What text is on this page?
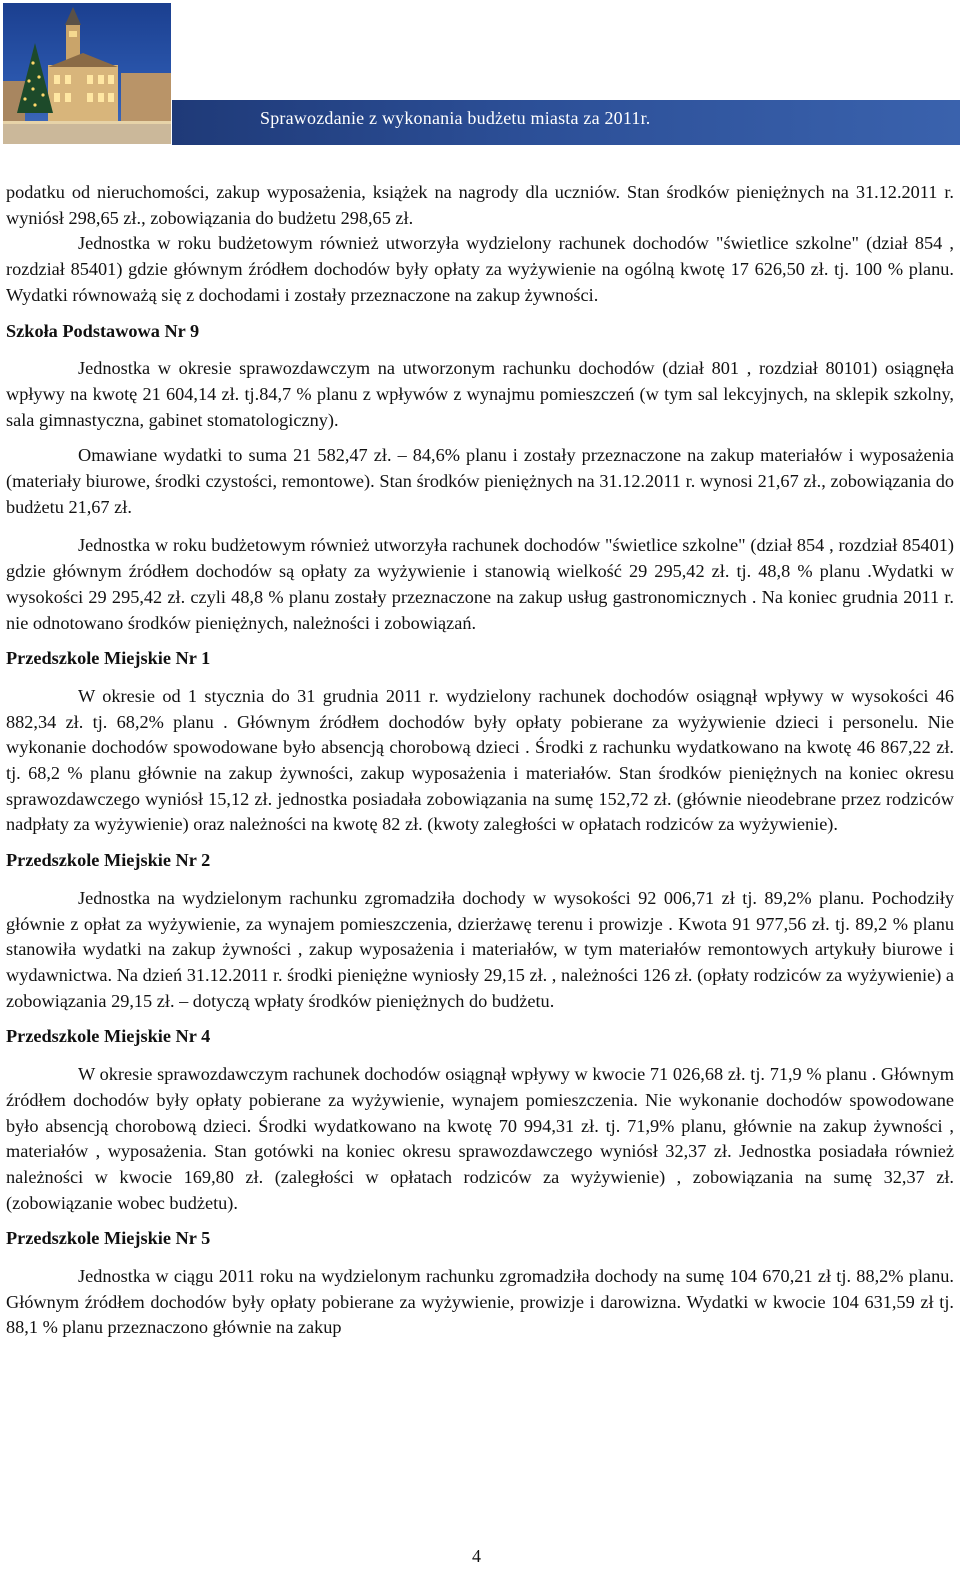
Sprawozdanie z wykonania budżetu miasta za 2011r.

podatku od nieruchomości, zakup wyposażenia, książek na nagrody dla uczniów. Stan środków pieniężnych na 31.12.2011 r. wyniósł 298,65 zł., zobowiązania do budżetu 298,65 zł.

Jednostka w roku budżetowym również utworzyła wydzielony rachunek dochodów "świetlice szkolne" (dział 854 , rozdział 85401) gdzie głównym źródłem dochodów były opłaty za wyżywienie na ogólną kwotę 17 626,50 zł. tj. 100 % planu. Wydatki równoważą się z dochodami i zostały przeznaczone na zakup żywności.

Szkoła Podstawowa Nr 9

Jednostka w okresie sprawozdawczym na utworzonym rachunku dochodów (dział 801 , rozdział 80101) osiągnęła wpływy na kwotę 21 604,14 zł. tj.84,7 % planu z wpływów z wynajmu pomieszczeń (w tym sal lekcyjnych, na sklepik szkolny, sala gimnastyczna, gabinet stomatologiczny).

Omawiane wydatki to suma 21 582,47 zł. – 84,6% planu i zostały przeznaczone na zakup materiałów i wyposażenia (materiały biurowe, środki czystości, remontowe). Stan środków pieniężnych na 31.12.2011 r. wynosi 21,67 zł., zobowiązania do budżetu 21,67 zł.

Jednostka w roku budżetowym również utworzyła rachunek dochodów "świetlice szkolne" (dział 854 , rozdział 85401) gdzie głównym źródłem dochodów są opłaty za wyżywienie i stanowią wielkość 29 295,42 zł. tj. 48,8 % planu .Wydatki w wysokości 29 295,42 zł. czyli 48,8 % planu zostały przeznaczone na zakup usług gastronomicznych . Na koniec grudnia 2011 r. nie odnotowano środków pieniężnych, należności i zobowiązań.

Przedszkole Miejskie Nr 1

W okresie od 1 stycznia do 31 grudnia 2011 r. wydzielony rachunek dochodów osiągnął wpływy w wysokości 46 882,34 zł. tj. 68,2% planu . Głównym źródłem dochodów były opłaty pobierane za wyżywienie dzieci i personelu. Nie wykonanie dochodów spowodowane było absencją chorobową dzieci . Środki z rachunku wydatkowano na kwotę 46 867,22 zł. tj. 68,2 % planu głównie na zakup żywności, zakup wyposażenia i materiałów. Stan środków pieniężnych na koniec okresu sprawozdawczego wyniósł 15,12 zł. jednostka posiadała zobowiązania na sumę 152,72 zł. (głównie nieodebrane przez rodziców nadpłaty za wyżywienie) oraz należności na kwotę 82 zł. (kwoty zaległości w opłatach rodziców za wyżywienie).

Przedszkole Miejskie Nr 2

Jednostka na wydzielonym rachunku zgromadziła dochody w wysokości 92 006,71 zł tj. 89,2% planu. Pochodziły głównie z opłat za wyżywienie, za wynajem pomieszczenia, dzierżawę terenu i prowizje . Kwota 91 977,56 zł. tj. 89,2 % planu stanowiła wydatki na zakup żywności , zakup wyposażenia i materiałów, w tym materiałów remontowych artykuły biurowe i wydawnictwa. Na dzień 31.12.2011 r. środki pieniężne wyniosły 29,15 zł. , należności 126 zł. (opłaty rodziców za wyżywienie) a zobowiązania 29,15 zł. – dotyczą wpłaty środków pieniężnych do budżetu.

Przedszkole Miejskie Nr 4

W okresie sprawozdawczym rachunek dochodów osiągnął wpływy w kwocie 71 026,68 zł. tj. 71,9 % planu . Głównym źródłem dochodów były opłaty pobierane za wyżywienie, wynajem pomieszczenia. Nie wykonanie dochodów spowodowane było absencją chorobową dzieci. Środki wydatkowano na kwotę 70 994,31 zł. tj. 71,9% planu, głównie na zakup żywności , materiałów , wyposażenia. Stan gotówki na koniec okresu sprawozdawczego wyniósł 32,37 zł. Jednostka posiadała również należności w kwocie 169,80 zł. (zaległości w opłatach rodziców za wyżywienie) , zobowiązania na sumę 32,37 zł. (zobowiązanie wobec budżetu).

Przedszkole Miejskie Nr 5

Jednostka w ciągu 2011 roku na wydzielonym rachunku zgromadziła dochody na sumę 104 670,21 zł tj. 88,2% planu. Głównym źródłem dochodów były opłaty pobierane za wyżywienie, prowizje i darowizna. Wydatki w kwocie 104 631,59 zł tj. 88,1 % planu przeznaczono głównie na zakup

4
